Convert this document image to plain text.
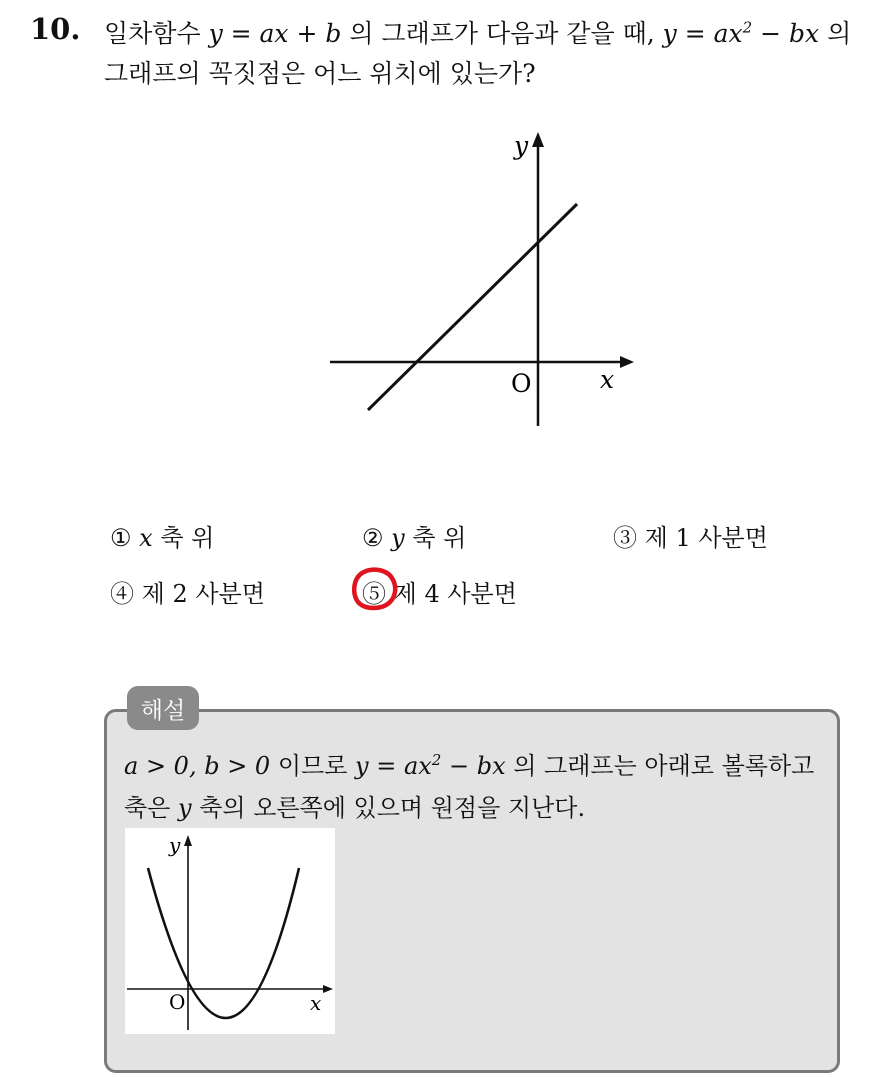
10. 일차함수 y = ax + b 의 그래프가 다음과 같을 때, $y = ax^2$ − bx 의
그래프의 꼭짓점은 어느 위치에 있는가?
y
x
O
① x 축 위	② y 축 위	③ 제 1 사분면
④ 제 2 사분면	⑤ 제 4 사분면
해설
a > 0, b > 0 이므로 $y = ax^2$ − bx 의 그래프는 아래로 볼록하고
축은 y 축의 오른쪽에 있으며 원점을 지난다.
y
x
O
